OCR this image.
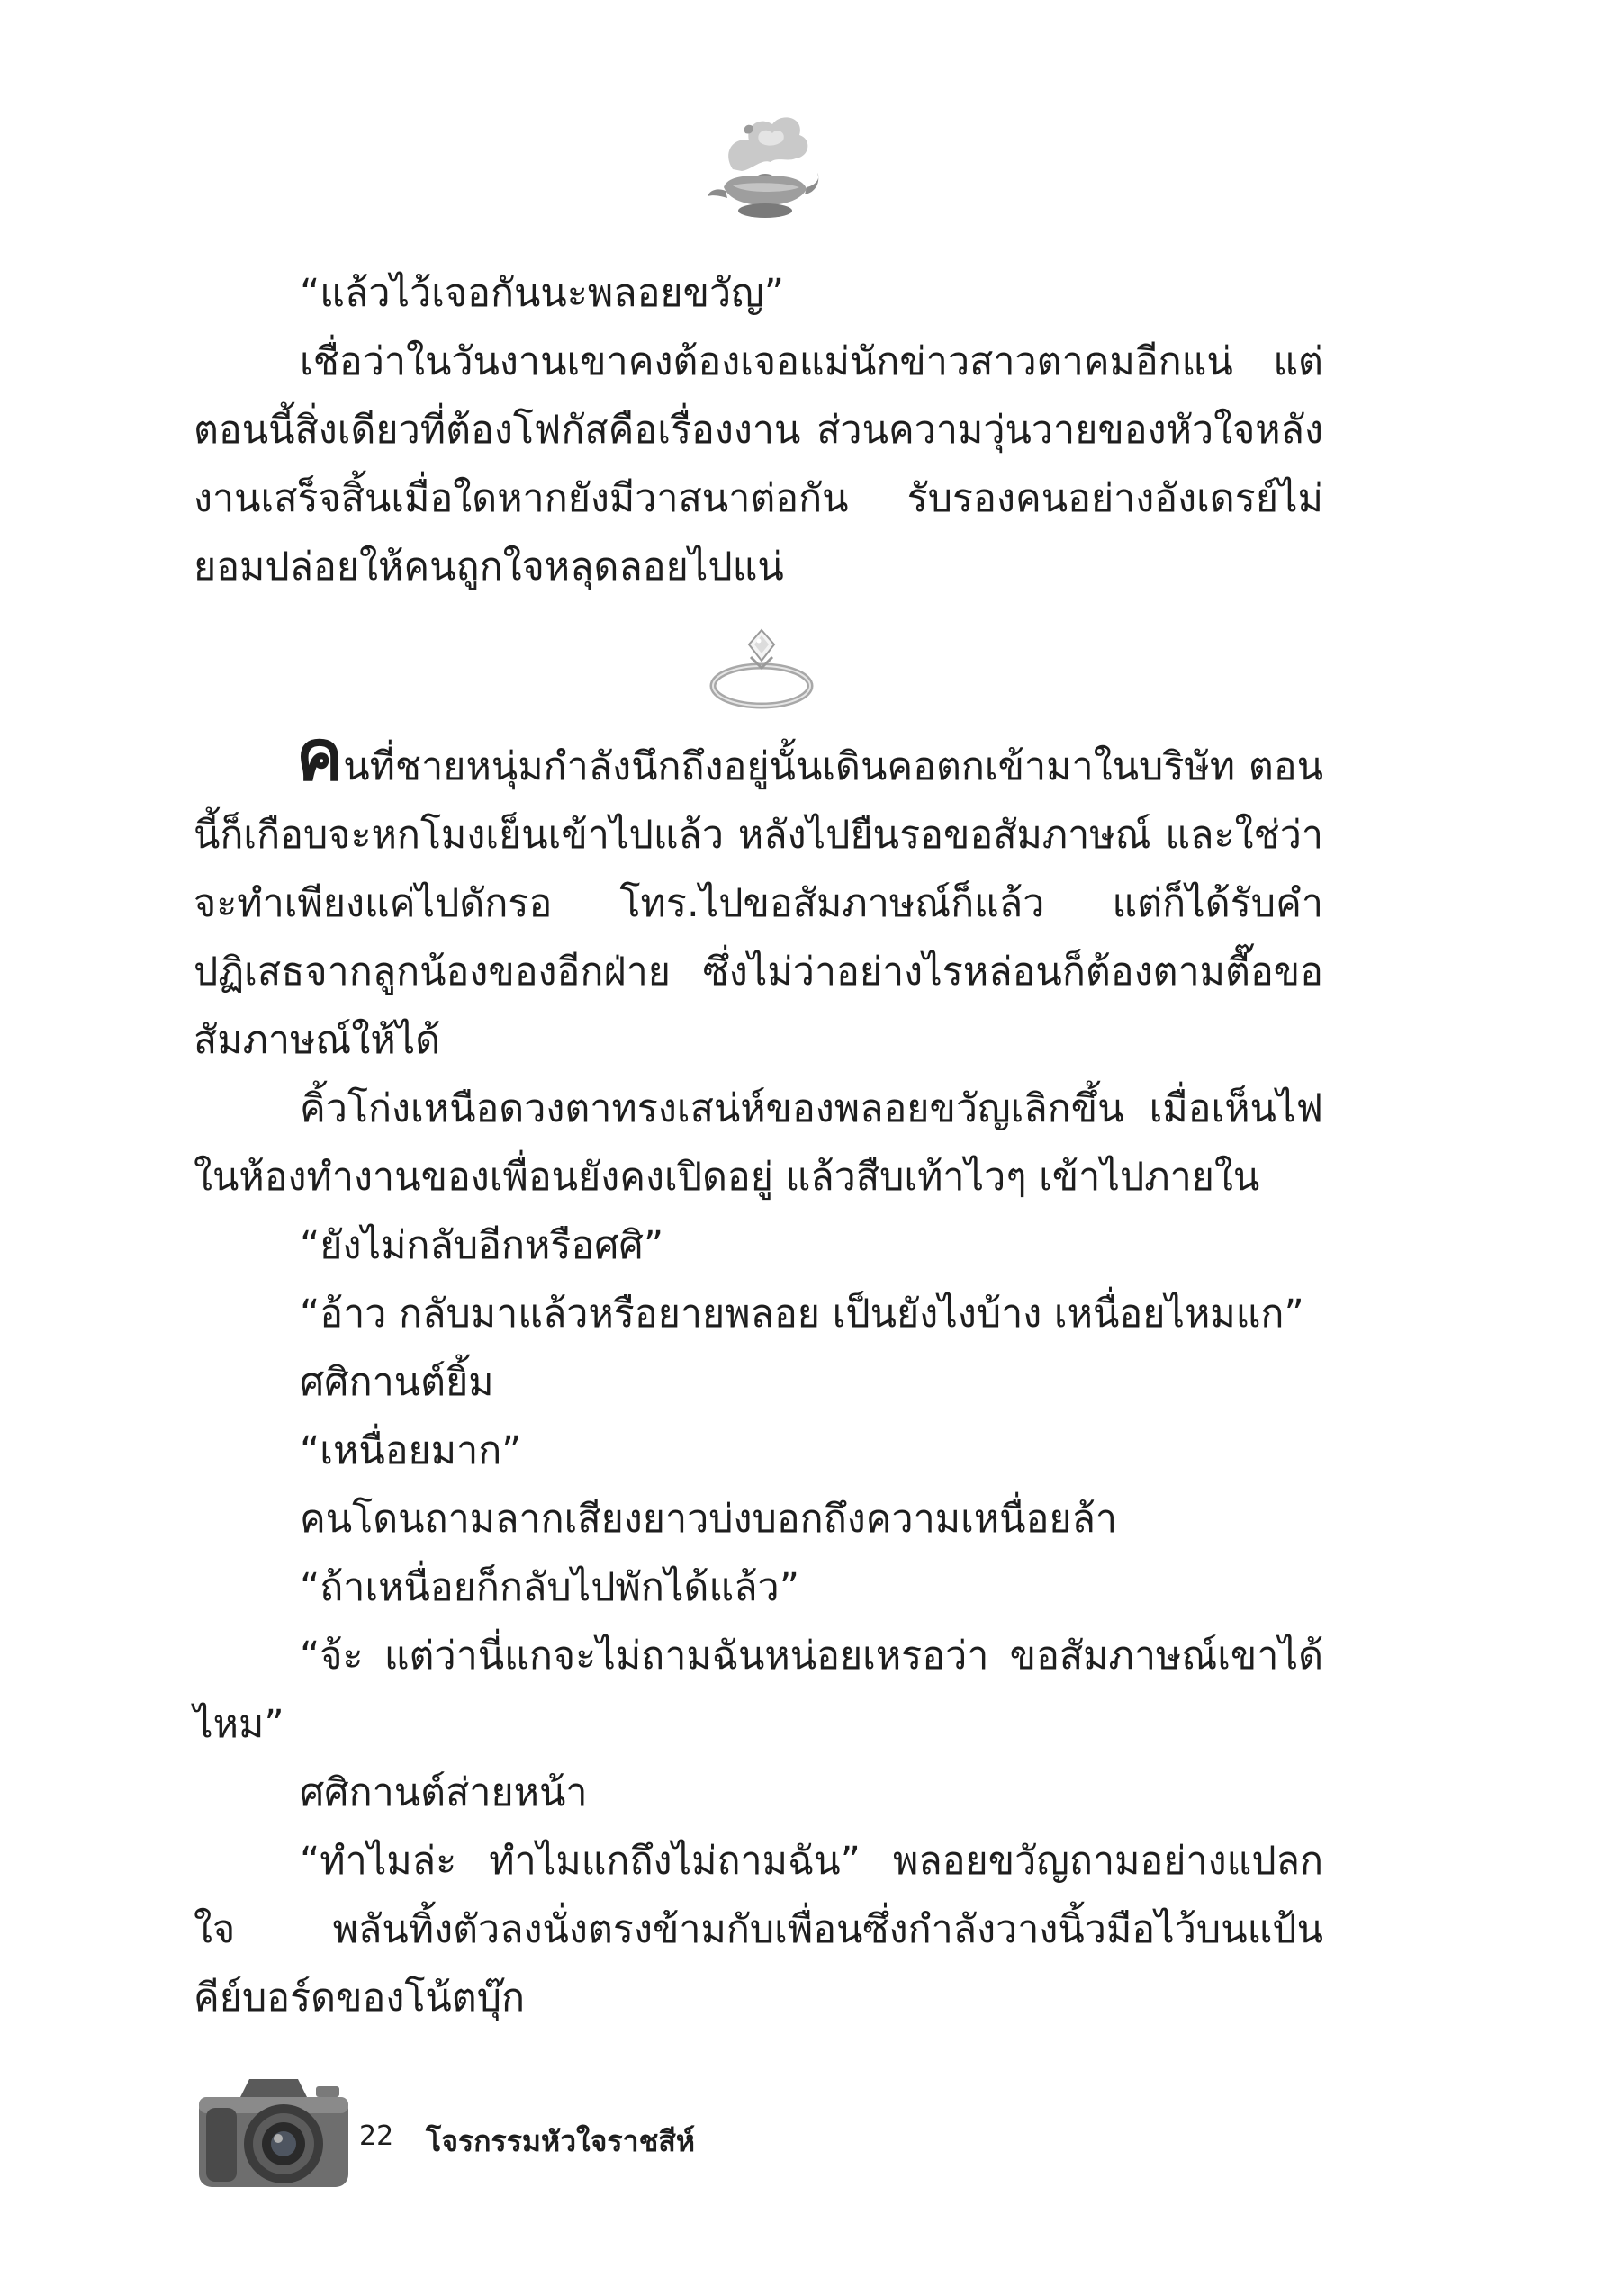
“แล้วไว้เจอกันนะพลอยขวัญ”

เชื่อว่าในวันงานเขาคงต้องเจอแม่นักข่าวสาวตาคมอีกแน่ แต่ตอนนี้สิ่งเดียวที่ต้องโฟกัสคือเรื่องงาน ส่วนความวุ่นวายของหัวใจหลังงานเสร็จสิ้นเมื่อใดหากยังมีวาสนาต่อกัน รับรองคนอย่างอังเดรย์ไม่ยอมปล่อยให้คนถูกใจหลุดลอยไปแน่

คนที่ชายหนุ่มกำลังนึกถึงอยู่นั้นเดินคอตกเข้ามาในบริษัท ตอนนี้ก็เกือบจะหกโมงเย็นเข้าไปแล้ว หลังไปยืนรอขอสัมภาษณ์ และใช่ว่าจะทำเพียงแค่ไปดักรอ โทร.ไปขอสัมภาษณ์ก็แล้ว แต่ก็ได้รับคำปฏิเสธจากลูกน้องของอีกฝ่าย ซึ่งไม่ว่าอย่างไรหล่อนก็ต้องตามตื๊อขอสัมภาษณ์ให้ได้

คิ้วโก่งเหนือดวงตาทรงเสน่ห์ของพลอยขวัญเลิกขึ้น เมื่อเห็นไฟในห้องทำงานของเพื่อนยังคงเปิดอยู่ แล้วสืบเท้าไวๆ เข้าไปภายใน

“ยังไม่กลับอีกหรือศศิ”

“อ้าว กลับมาแล้วหรือยายพลอย เป็นยังไงบ้าง เหนื่อยไหมแก”

ศศิกานต์ยิ้ม

“เหนื่อยมาก”

คนโดนถามลากเสียงยาวบ่งบอกถึงความเหนื่อยล้า

“ถ้าเหนื่อยก็กลับไปพักได้แล้ว”

“จ้ะ แต่ว่านี่แกจะไม่ถามฉันหน่อยเหรอว่า ขอสัมภาษณ์เขาได้ไหม”

ศศิกานต์ส่ายหน้า

“ทำไมล่ะ ทำไมแกถึงไม่ถามฉัน” พลอยขวัญถามอย่างแปลกใจ พลันทิ้งตัวลงนั่งตรงข้ามกับเพื่อนซึ่งกำลังวางนิ้วมือไว้บนแป้นคีย์บอร์ดของโน้ตบุ๊ก

22 โจรกรรมหัวใจราชสีห์
